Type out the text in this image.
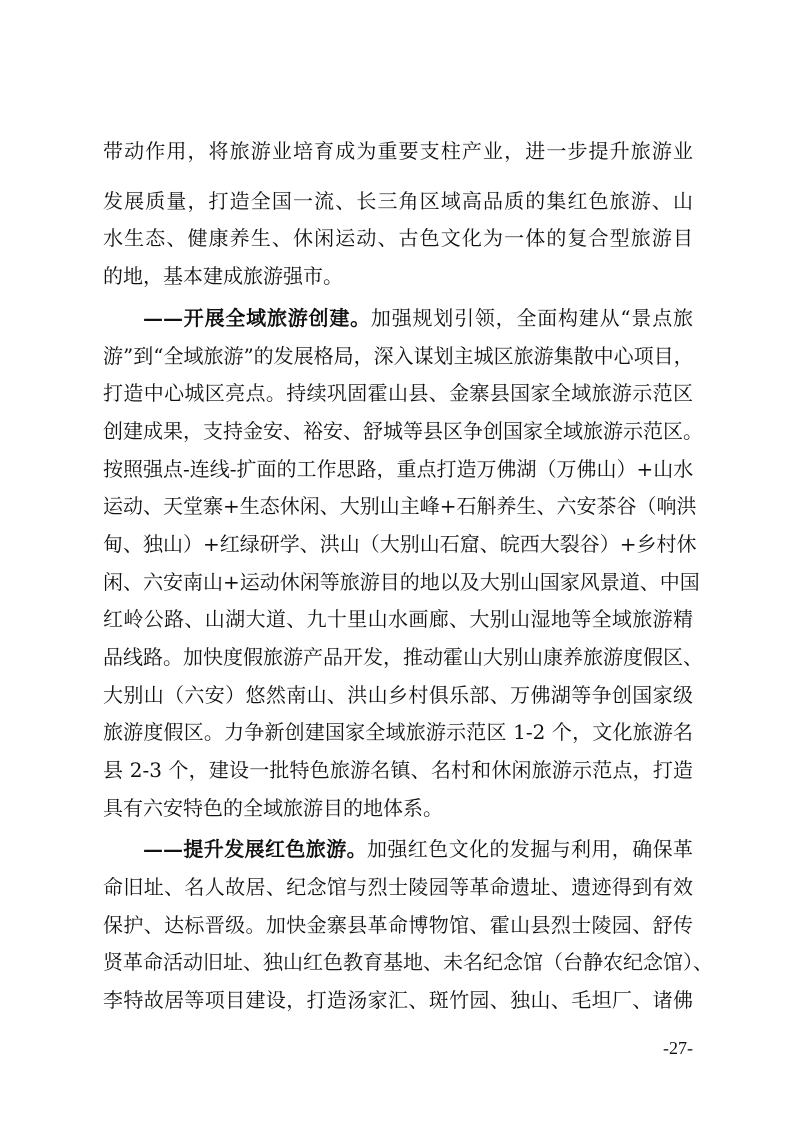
带动作用，将旅游业培育成为重要支柱产业，进一步提升旅游业
发展质量，打造全国一流、长三角区域高品质的集红色旅游、山
水生态、健康养生、休闲运动、古色文化为一体的复合型旅游目
的地，基本建成旅游强市。
——开展全域旅游创建。加强规划引领，全面构建从“景点旅
游”到“全域旅游”的发展格局，深入谋划主城区旅游集散中心项目，
打造中心城区亮点。持续巩固霍山县、金寨县国家全域旅游示范区
创建成果，支持金安、裕安、舒城等县区争创国家全域旅游示范区。
按照强点-连线-扩面的工作思路，重点打造万佛湖（万佛山）+山水
运动、天堂寨+生态休闲、大别山主峰+石斛养生、六安茶谷（响洪
甸、独山）+红绿研学、洪山（大别山石窟、皖西大裂谷）+乡村休
闲、六安南山+运动休闲等旅游目的地以及大别山国家风景道、中国
红岭公路、山湖大道、九十里山水画廊、大别山湿地等全域旅游精
品线路。加快度假旅游产品开发，推动霍山大别山康养旅游度假区、
大别山（六安）悠然南山、洪山乡村俱乐部、万佛湖等争创国家级
旅游度假区。力争新创建国家全域旅游示范区 1-2 个，文化旅游名
县 2-3 个，建设一批特色旅游名镇、名村和休闲旅游示范点，打造
具有六安特色的全域旅游目的地体系。
——提升发展红色旅游。加强红色文化的发掘与利用，确保革
命旧址、名人故居、纪念馆与烈士陵园等革命遗址、遗迹得到有效
保护、达标晋级。加快金寨县革命博物馆、霍山县烈士陵园、舒传
贤革命活动旧址、独山红色教育基地、未名纪念馆（台静农纪念馆）、
李特故居等项目建设，打造汤家汇、斑竹园、独山、毛坦厂、诸佛
-27-
